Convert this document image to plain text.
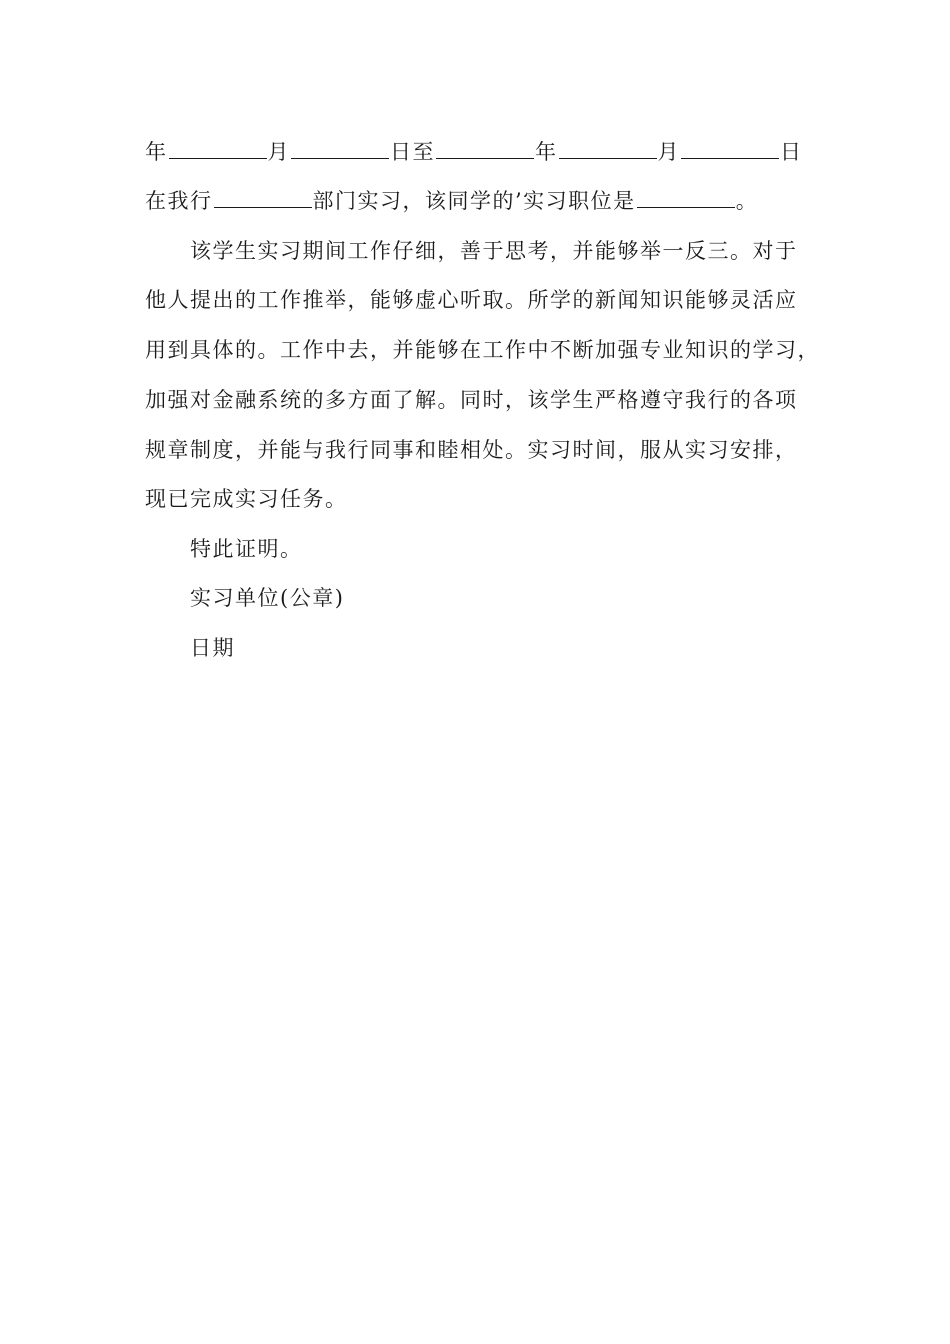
年	月	日至	年	月	日
在我行	部门实习，该同学的’实习职位是	。
该学生实习期间工作仔细，善于思考，并能够举一反三。对于
他人提出的工作推举，能够虚心听取。所学的新闻知识能够灵活应
用到具体的。工作中去，并能够在工作中不断加强专业知识的学习，
加强对金融系统的多方面了解。同时，该学生严格遵守我行的各项
规章制度，并能与我行同事和睦相处。实习时间，服从实习安排，
现已完成实习任务。
特此证明。
实习单位(公章)
日期
